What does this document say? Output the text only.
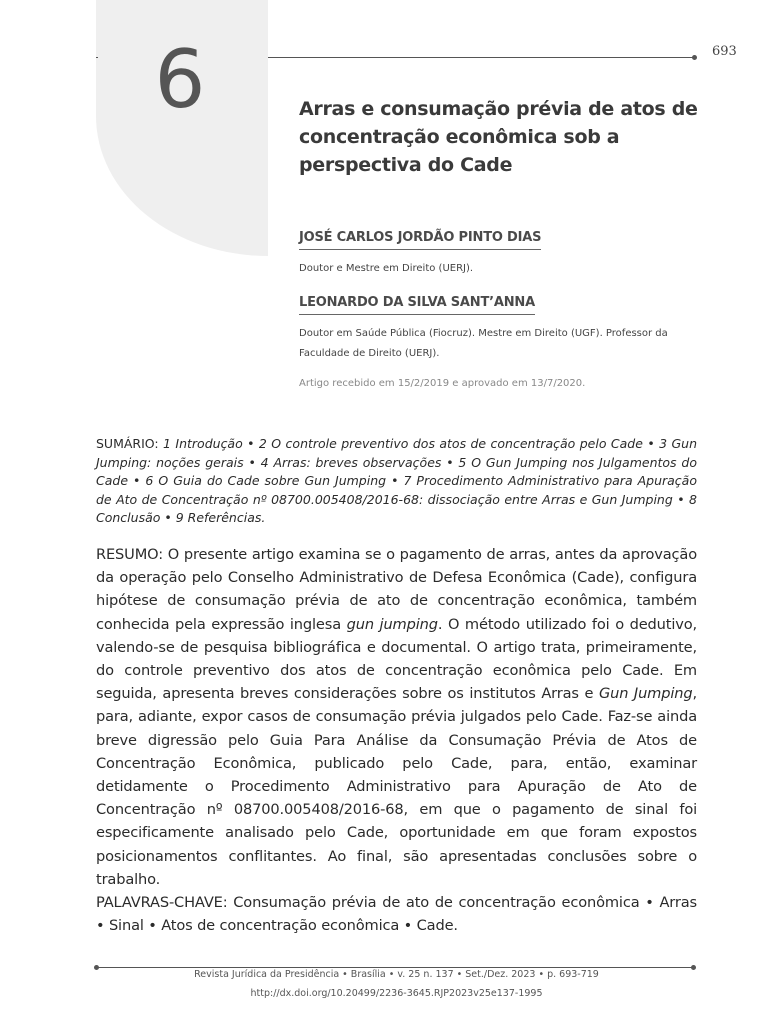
6	693
Arras e consumação prévia de atos de concentração econômica sob a perspectiva do Cade
JOSÉ CARLOS JORDÃO PINTO DIAS
Doutor e Mestre em Direito (UERJ).
LEONARDO DA SILVA SANT’ANNA
Doutor em Saúde Pública (Fiocruz). Mestre em Direito (UGF). Professor da Faculdade de Direito (UERJ).
Artigo recebido em 15/2/2019 e aprovado em 13/7/2020.
SUMÁRIO: 1 Introdução • 2 O controle preventivo dos atos de concentração pelo Cade • 3 Gun Jumping: noções gerais • 4 Arras: breves observações • 5 O Gun Jumping nos Julgamentos do Cade • 6 O Guia do Cade sobre Gun Jumping • 7 Procedimento Administrativo para Apuração de Ato de Concentração nº 08700.005408/2016-68: dissociação entre Arras e Gun Jumping • 8 Conclusão • 9 Referências.
RESUMO: O presente artigo examina se o pagamento de arras, antes da aprovação da operação pelo Conselho Administrativo de Defesa Econômica (Cade), configura hipótese de consumação prévia de ato de concentração econômica, também conhecida pela expressão inglesa gun jumping. O método utilizado foi o dedutivo, valendo-se de pesquisa bibliográfica e documental. O artigo trata, primeiramente, do controle preventivo dos atos de concentração econômica pelo Cade. Em seguida, apresenta breves considerações sobre os institutos Arras e Gun Jumping, para, adiante, expor casos de consumação prévia julgados pelo Cade. Faz-se ainda breve digressão pelo Guia Para Análise da Consumação Prévia de Atos de Concentração Econômica, publicado pelo Cade, para, então, examinar detidamente o Procedimento Administrativo para Apuração de Ato de Concentração nº 08700.005408/2016-68, em que o pagamento de sinal foi especificamente analisado pelo Cade, oportunidade em que foram expostos posicionamentos conflitantes. Ao final, são apresentadas conclusões sobre o trabalho.
PALAVRAS-CHAVE: Consumação prévia de ato de concentração econômica • Arras • Sinal • Atos de concentração econômica • Cade.
Revista Jurídica da Presidência • Brasília • v. 25 n. 137 • Set./Dez. 2023 • p. 693-719
http://dx.doi.org/10.20499/2236-3645.RJP2023v25e137-1995
